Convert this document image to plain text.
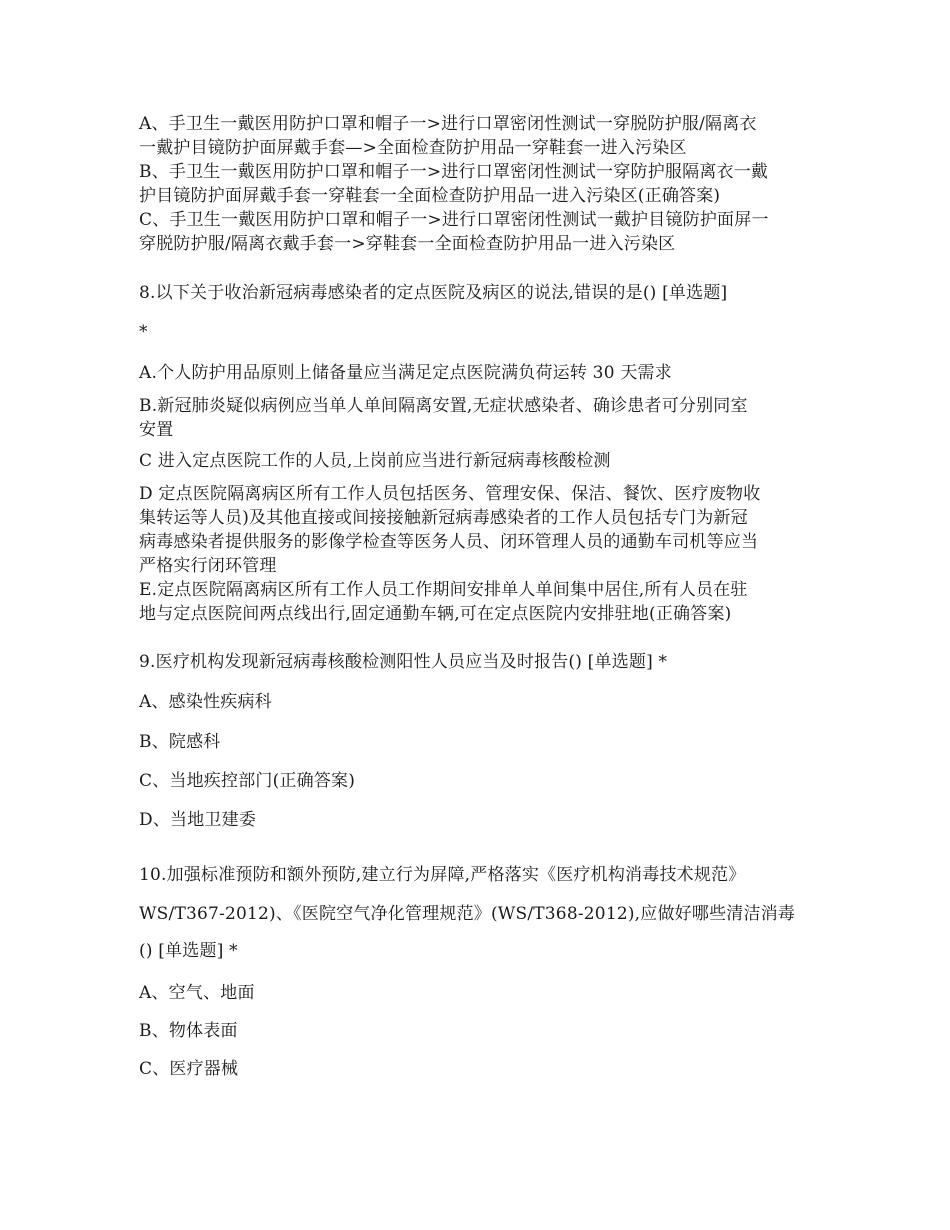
A、手卫生一戴医用防护口罩和帽子一>进行口罩密闭性测试一穿脱防护服/隔离衣
一戴护目镜防护面屏戴手套—>全面检查防护用品一穿鞋套一进入污染区
B、手卫生一戴医用防护口罩和帽子一>进行口罩密闭性测试一穿防护服隔离衣一戴
护目镜防护面屏戴手套一穿鞋套一全面检查防护用品一进入污染区(正确答案)
C、手卫生一戴医用防护口罩和帽子一>进行口罩密闭性测试一戴护目镜防护面屏一
穿脱防护服/隔离衣戴手套一>穿鞋套一全面检查防护用品一进入污染区
8.以下关于收治新冠病毒感染者的定点医院及病区的说法,错误的是() [单选题]
*
A.个人防护用品原则上储备量应当满足定点医院满负荷运转 30 天需求
B.新冠肺炎疑似病例应当单人单间隔离安置,无症状感染者、确诊患者可分别同室
安置
C 进入定点医院工作的人员,上岗前应当进行新冠病毒核酸检测
D 定点医院隔离病区所有工作人员包括医务、管理安保、保洁、餐饮、医疗废物收
集转运等人员)及其他直接或间接接触新冠病毒感染者的工作人员包括专门为新冠
病毒感染者提供服务的影像学检查等医务人员、闭环管理人员的通勤车司机等应当
严格实行闭环管理
E.定点医院隔离病区所有工作人员工作期间安排单人单间集中居住,所有人员在驻
地与定点医院间两点线出行,固定通勤车辆,可在定点医院内安排驻地(正确答案)
9.医疗机构发现新冠病毒核酸检测阳性人员应当及时报告() [单选题] *
A、感染性疾病科
B、院感科
C、当地疾控部门(正确答案)
D、当地卫建委
10.加强标准预防和额外预防,建立行为屏障,严格落实《医疗机构消毒技术规范》
WS/T367-2012)、《医院空气净化管理规范》(WS/T368-2012),应做好哪些清洁消毒
() [单选题] *
A、空气、地面
B、物体表面
C、医疗器械
